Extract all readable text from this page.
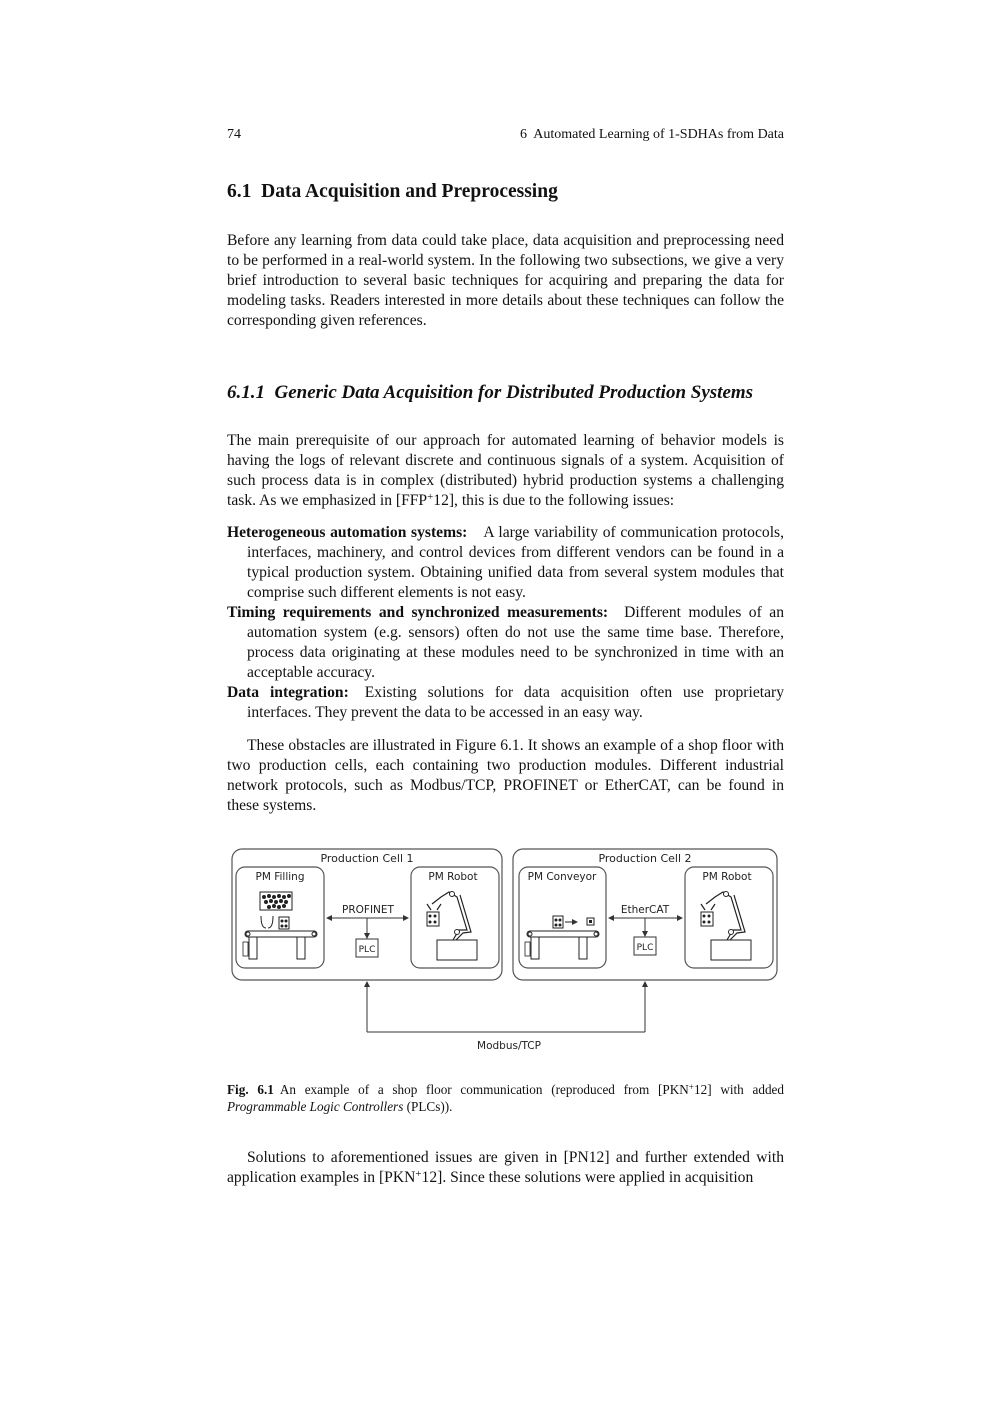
74	6  Automated Learning of 1-SDHAs from Data
6.1  Data Acquisition and Preprocessing

Before any learning from data could take place, data acquisition and preprocessing need to be performed in a real-world system. In the following two subsections, we give a very brief introduction to several basic techniques for acquiring and preparing the data for modeling tasks. Readers interested in more details about these techniques can follow the corresponding given references.

6.1.1  Generic Data Acquisition for Distributed Production Systems

The main prerequisite of our approach for automated learning of behavior models is having the logs of relevant discrete and continuous signals of a system. Acquisition of such process data is in complex (distributed) hybrid production systems a challenging task. As we emphasized in [FFP+12], this is due to the following issues:

Heterogeneous automation systems: A large variability of communication protocols, interfaces, machinery, and control devices from different vendors can be found in a typical production system. Obtaining unified data from several system modules that comprise such different elements is not easy.

Timing requirements and synchronized measurements: Different modules of an automation system (e.g. sensors) often do not use the same time base. Therefore, process data originating at these modules need to be synchronized in time with an acceptable accuracy.

Data integration: Existing solutions for data acquisition often use proprietary interfaces. They prevent the data to be accessed in an easy way.

These obstacles are illustrated in Figure 6.1. It shows an example of a shop floor with two production cells, each containing two production modules. Different industrial network protocols, such as Modbus/TCP, PROFINET or EtherCAT, can be found in these systems.

Production Cell 1
PM Filling
PROFINET
PLC
PM Robot
Production Cell 2
PM Conveyor
EtherCAT
PLC
PM Robot
Modbus/TCP

Fig. 6.1 An example of a shop floor communication (reproduced from [PKN+12] with added Programmable Logic Controllers (PLCs)).

Solutions to aforementioned issues are given in [PN12] and further extended with application examples in [PKN+12]. Since these solutions were applied in acquisition
